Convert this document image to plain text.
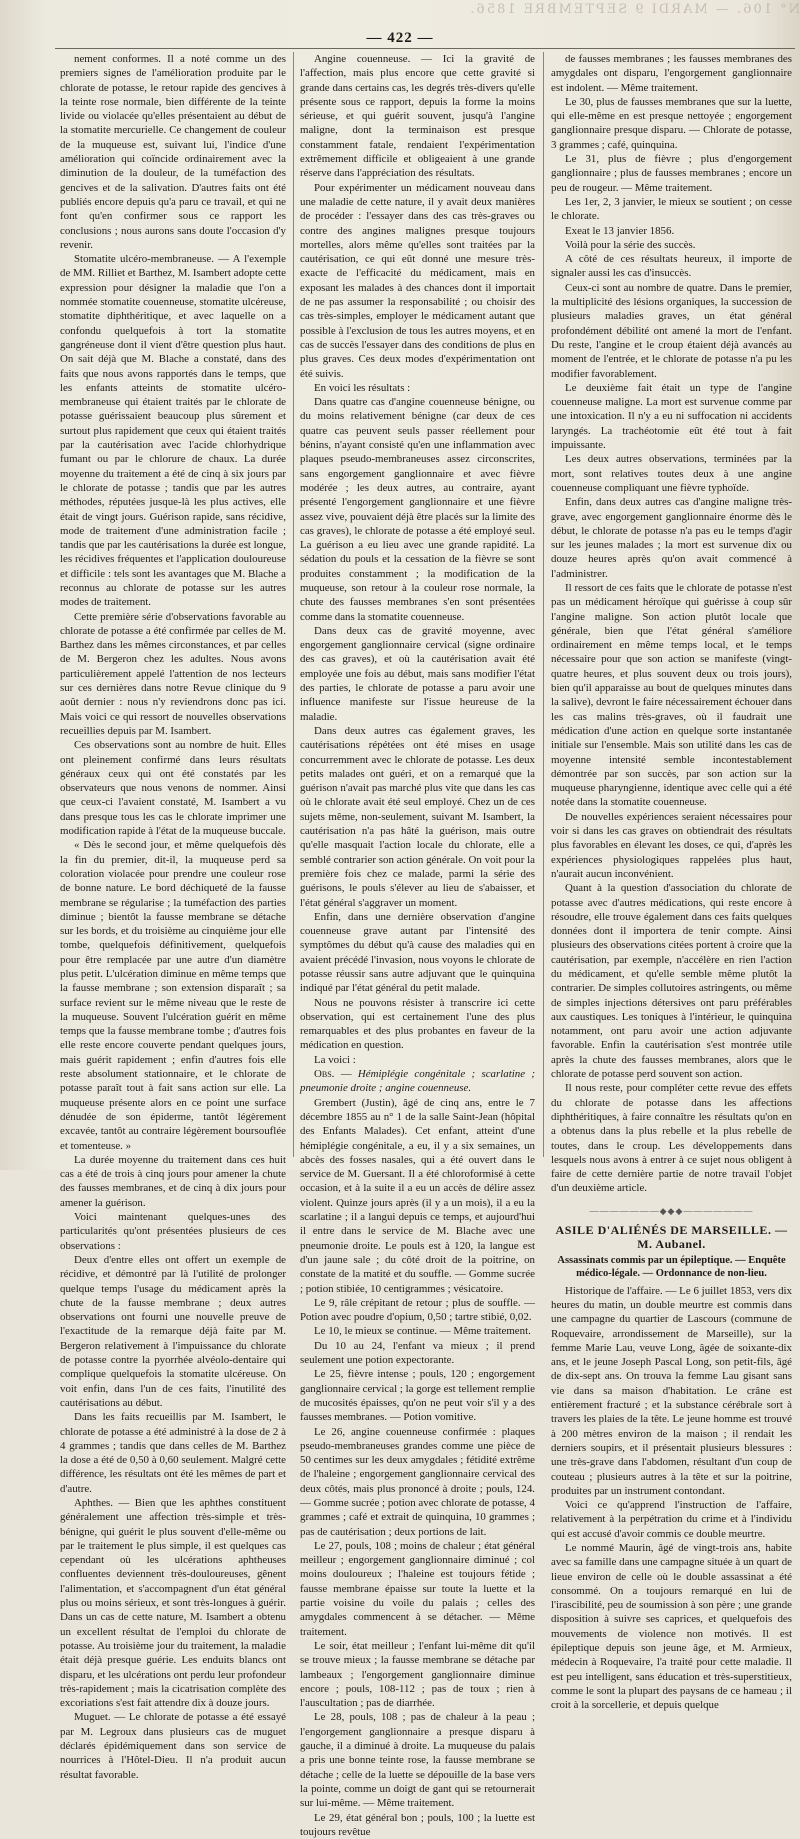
N° 106. — MARDI 9 SEPTEMBRE 1856.
— 422 —

nement conformes. Il a noté comme un des premiers signes de l'amélioration produite par le chlorate de potasse, le retour rapide des gencives à la teinte rose normale, bien différente de la teinte livide ou violacée qu'elles présentaient au début de la stomatite mercurielle. Ce changement de couleur de la muqueuse est, suivant lui, l'indice d'une amélioration qui coïncide ordinairement avec la diminution de la douleur, de la tuméfaction des gencives et de la salivation. D'autres faits ont été publiés encore depuis qu'a paru ce travail, et qui ne font qu'en confirmer sous ce rapport les conclusions ; nous aurons sans doute l'occasion d'y revenir.

Stomatite ulcéro-membraneuse. — A l'exemple de MM. Rilliet et Barthez, M. Isambert adopte cette expression pour désigner la maladie que l'on a nommée stomatite couenneuse, stomatite ulcéreuse, stomatite diphthéritique, et avec laquelle on a confondu quelquefois à tort la stomatite gangréneuse dont il vient d'être question plus haut. On sait déjà que M. Blache a constaté, dans des faits que nous avons rapportés dans le temps, que les enfants atteints de stomatite ulcéro-membraneuse qui étaient traités par le chlorate de potasse guérissaient beaucoup plus sûrement et surtout plus rapidement que ceux qui étaient traités par la cautérisation avec l'acide chlorhydrique fumant ou par le chlorure de chaux. La durée moyenne du traitement a été de cinq à six jours par le chlorate de potasse ; tandis que par les autres méthodes, réputées jusque-là les plus actives, elle était de vingt jours. Guérison rapide, sans récidive, mode de traitement d'une administration facile ; tandis que par les cautérisations la durée est longue, les récidives fréquentes et l'application douloureuse et difficile : tels sont les avantages que M. Blache a reconnus au chlorate de potasse sur les autres modes de traitement.

Cette première série d'observations favorable au chlorate de potasse a été confirmée par celles de M. Barthez dans les mêmes circonstances, et par celles de M. Bergeron chez les adultes. Nous avons particulièrement appelé l'attention de nos lecteurs sur ces dernières dans notre Revue clinique du 9 août dernier : nous n'y reviendrons donc pas ici. Mais voici ce qui ressort de nouvelles observations recueillies depuis par M. Isambert.

Ces observations sont au nombre de huit. Elles ont pleinement confirmé dans leurs résultats généraux ceux qui ont été constatés par les observateurs que nous venons de nommer. Ainsi que ceux-ci l'avaient constaté, M. Isambert a vu dans presque tous les cas le chlorate imprimer une modification rapide à l'état de la muqueuse buccale.

« Dès le second jour, et même quelquefois dès la fin du premier, dit-il, la muqueuse perd sa coloration violacée pour prendre une couleur rose de bonne nature. Le bord déchiqueté de la fausse membrane se régularise ; la tuméfaction des parties diminue ; bientôt la fausse membrane se détache sur les bords, et du troisième au cinquième jour elle tombe, quelquefois définitivement, quelquefois pour être remplacée par une autre d'un diamètre plus petit. L'ulcération diminue en même temps que la fausse membrane ; son extension disparaît ; sa surface revient sur le même niveau que le reste de la muqueuse. Souvent l'ulcération guérit en même temps que la fausse membrane tombe ; d'autres fois elle reste encore couverte pendant quelques jours, mais guérit rapidement ; enfin d'autres fois elle reste absolument stationnaire, et le chlorate de potasse paraît tout à fait sans action sur elle. La muqueuse présente alors en ce point une surface dénudée de son épiderme, tantôt légèrement excavée, tantôt au contraire légèrement boursouflée et tomenteuse. »

La durée moyenne du traitement dans ces huit cas a été de trois à cinq jours pour amener la chute des fausses membranes, et de cinq à dix jours pour amener la guérison.

Voici maintenant quelques-unes des particularités qu'ont présentées plusieurs de ces observations :

Deux d'entre elles ont offert un exemple de récidive, et démontré par là l'utilité de prolonger quelque temps l'usage du médicament après la chute de la fausse membrane ; deux autres observations ont fourni une nouvelle preuve de l'exactitude de la remarque déjà faite par M. Bergeron relativement à l'impuissance du chlorate de potasse contre la pyorrhée alvéolo-dentaire qui complique quelquefois la stomatite ulcéreuse. On voit enfin, dans l'un de ces faits, l'inutilité des cautérisations au début.

Dans les faits recueillis par M. Isambert, le chlorate de potasse a été administré à la dose de 2 à 4 grammes ; tandis que dans celles de M. Barthez la dose a été de 0,50 à 0,60 seulement. Malgré cette différence, les résultats ont été les mêmes de part et d'autre.

Aphthes. — Bien que les aphthes constituent généralement une affection très-simple et très-bénigne, qui guérit le plus souvent d'elle-même ou par le traitement le plus simple, il est quelques cas cependant où les ulcérations aphtheuses confluentes deviennent très-douloureuses, gênent l'alimentation, et s'accompagnent d'un état général plus ou moins sérieux, et sont très-longues à guérir. Dans un cas de cette nature, M. Isambert a obtenu un excellent résultat de l'emploi du chlorate de potasse. Au troisième jour du traitement, la maladie était déjà presque guérie. Les enduits blancs ont disparu, et les ulcérations ont perdu leur profondeur très-rapidement ; mais la cicatrisation complète des excoriations s'est fait attendre dix à douze jours.

Muguet. — Le chlorate de potasse a été essayé par M. Legroux dans plusieurs cas de muguet déclarés épidémiquement dans son service de nourrices à l'Hôtel-Dieu. Il n'a produit aucun résultat favorable.

Angine couenneuse. — Ici la gravité de l'affection, mais plus encore que cette gravité si grande dans certains cas, les degrés très-divers qu'elle présente sous ce rapport, depuis la forme la moins sérieuse, et qui guérit souvent, jusqu'à l'angine maligne, dont la terminaison est presque constamment fatale, rendaient l'expérimentation extrêmement difficile et obligeaient à une grande réserve dans l'appréciation des résultats.

Pour expérimenter un médicament nouveau dans une maladie de cette nature, il y avait deux manières de procéder : l'essayer dans des cas très-graves ou contre des angines malignes presque toujours mortelles, alors même qu'elles sont traitées par la cautérisation, ce qui eût donné une mesure très-exacte de l'efficacité du médicament, mais en exposant les malades à des chances dont il importait de ne pas assumer la responsabilité ; ou choisir des cas très-simples, employer le médicament autant que possible à l'exclusion de tous les autres moyens, et en cas de succès l'essayer dans des conditions de plus en plus graves. Ces deux modes d'expérimentation ont été suivis.

En voici les résultats :

Dans quatre cas d'angine couenneuse bénigne, ou du moins relativement bénigne (car deux de ces quatre cas peuvent seuls passer réellement pour bénins, n'ayant consisté qu'en une inflammation avec plaques pseudo-membraneuses assez circonscrites, sans engorgement ganglionnaire et avec fièvre modérée ; les deux autres, au contraire, ayant présenté l'engorgement ganglionnaire et une fièvre assez vive, pouvaient déjà être placés sur la limite des cas graves), le chlorate de potasse a été employé seul. La guérison a eu lieu avec une grande rapidité. La sédation du pouls et la cessation de la fièvre se sont produites constamment ; la modification de la muqueuse, son retour à la couleur rose normale, la chute des fausses membranes s'en sont présentées comme dans la stomatite couenneuse.

Dans deux cas de gravité moyenne, avec engorgement ganglionnaire cervical (signe ordinaire des cas graves), et où la cautérisation avait été employée une fois au début, mais sans modifier l'état des parties, le chlorate de potasse a paru avoir une influence manifeste sur l'issue heureuse de la maladie.

Dans deux autres cas également graves, les cautérisations répétées ont été mises en usage concurremment avec le chlorate de potasse. Les deux petits malades ont guéri, et on a remarqué que la guérison n'avait pas marché plus vite que dans les cas où le chlorate avait été seul employé. Chez un de ces sujets même, non-seulement, suivant M. Isambert, la cautérisation n'a pas hâté la guérison, mais outre qu'elle masquait l'action locale du chlorate, elle a semblé contrarier son action générale. On voit pour la première fois chez ce malade, parmi la série des guérisons, le pouls s'élever au lieu de s'abaisser, et l'état général s'aggraver un moment.

Enfin, dans une dernière observation d'angine couenneuse grave autant par l'intensité des symptômes du début qu'à cause des maladies qui en avaient précédé l'invasion, nous voyons le chlorate de potasse réussir sans autre adjuvant que le quinquina indiqué par l'état général du petit malade.

Nous ne pouvons résister à transcrire ici cette observation, qui est certainement l'une des plus remarquables et des plus probantes en faveur de la médication en question.

La voici :

Obs. — Hémiplégie congénitale ; scarlatine ; pneumonie droite ; angine couenneuse.

Grembert (Justin), âgé de cinq ans, entre le 7 décembre 1855 au n° 1 de la salle Saint-Jean (hôpital des Enfants Malades). Cet enfant, atteint d'une hémiplégie congénitale, a eu, il y a six semaines, un abcès des fosses nasales, qui a été ouvert dans le service de M. Guersant. Il a été chloroformisé à cette occasion, et à la suite il a eu un accès de délire assez violent. Quinze jours après (il y a un mois), il a eu la scarlatine ; il a langui depuis ce temps, et aujourd'hui il entre dans le service de M. Blache avec une pneumonie droite. Le pouls est à 120, la langue est d'un jaune sale ; du côté droit de la poitrine, on constate de la matité et du souffle. — Gomme sucrée ; potion stibiée, 10 centigrammes ; vésicatoire.

Le 9, râle crépitant de retour ; plus de souffle. — Potion avec poudre d'opium, 0,50 ; tartre stibié, 0,02.

Le 10, le mieux se continue. — Même traitement.

Du 10 au 24, l'enfant va mieux ; il prend seulement une potion expectorante.

Le 25, fièvre intense ; pouls, 120 ; engorgement ganglionnaire cervical ; la gorge est tellement remplie de mucosités épaisses, qu'on ne peut voir s'il y a des fausses membranes. — Potion vomitive.

Le 26, angine couenneuse confirmée : plaques pseudo-membraneuses grandes comme une pièce de 50 centimes sur les deux amygdales ; fétidité extrême de l'haleine ; engorgement ganglionnaire cervical des deux côtés, mais plus prononcé à droite ; pouls, 124. — Gomme sucrée ; potion avec chlorate de potasse, 4 grammes ; café et extrait de quinquina, 10 grammes ; pas de cautérisation ; deux portions de lait.

Le 27, pouls, 108 ; moins de chaleur ; état général meilleur ; engorgement ganglionnaire diminué ; col moins douloureux ; l'haleine est toujours fétide ; fausse membrane épaisse sur toute la luette et la partie voisine du voile du palais ; celles des amygdales commencent à se détacher. — Même traitement.

Le soir, état meilleur ; l'enfant lui-même dit qu'il se trouve mieux ; la fausse membrane se détache par lambeaux ; l'engorgement ganglionnaire diminue encore ; pouls, 108-112 ; pas de toux ; rien à l'auscultation ; pas de diarrhée.

Le 28, pouls, 108 ; pas de chaleur à la peau ; l'engorgement ganglionnaire a presque disparu à gauche, il a diminué à droite. La muqueuse du palais a pris une bonne teinte rose, la fausse membrane se détache ; celle de la luette se dépouille de la base vers la pointe, comme un doigt de gant qui se retournerait sur lui-même. — Même traitement.

Le 29, état général bon ; pouls, 100 ; la luette est toujours revêtue

de fausses membranes ; les fausses membranes des amygdales ont disparu, l'engorgement ganglionnaire est indolent. — Même traitement.

Le 30, plus de fausses membranes que sur la luette, qui elle-même en est presque nettoyée ; engorgement ganglionnaire presque disparu. — Chlorate de potasse, 3 grammes ; café, quinquina.

Le 31, plus de fièvre ; plus d'engorgement ganglionnaire ; plus de fausses membranes ; encore un peu de rougeur. — Même traitement.

Les 1er, 2, 3 janvier, le mieux se soutient ; on cesse le chlorate.

Exeat le 13 janvier 1856.

Voilà pour la série des succès.

A côté de ces résultats heureux, il importe de signaler aussi les cas d'insuccès.

Ceux-ci sont au nombre de quatre. Dans le premier, la multiplicité des lésions organiques, la succession de plusieurs maladies graves, un état général profondément débilité ont amené la mort de l'enfant. Du reste, l'angine et le croup étaient déjà avancés au moment de l'entrée, et le chlorate de potasse n'a pu les modifier favorablement.

Le deuxième fait était un type de l'angine couenneuse maligne. La mort est survenue comme par une intoxication. Il n'y a eu ni suffocation ni accidents laryngés. La trachéotomie eût été tout à fait impuissante.

Les deux autres observations, terminées par la mort, sont relatives toutes deux à une angine couenneuse compliquant une fièvre typhoïde.

Enfin, dans deux autres cas d'angine maligne très-grave, avec engorgement ganglionnaire énorme dès le début, le chlorate de potasse n'a pas eu le temps d'agir sur les jeunes malades ; la mort est survenue dix ou douze heures après qu'on avait commencé à l'administrer.

Il ressort de ces faits que le chlorate de potasse n'est pas un médicament héroïque qui guérisse à coup sûr l'angine maligne. Son action plutôt locale que générale, bien que l'état général s'améliore ordinairement en même temps local, et le temps nécessaire pour que son action se manifeste (vingt-quatre heures, et plus souvent deux ou trois jours), bien qu'il apparaisse au bout de quelques minutes dans la salive), devront le faire nécessairement échouer dans les cas malins très-graves, où il faudrait une médication d'une action en quelque sorte instantanée initiale sur l'ensemble. Mais son utilité dans les cas de moyenne intensité semble incontestablement démontrée par son succès, par son action sur la muqueuse pharyngienne, identique avec celle qui a été notée dans la stomatite couenneuse.

De nouvelles expériences seraient nécessaires pour voir si dans les cas graves on obtiendrait des résultats plus favorables en élevant les doses, ce qui, d'après les expériences physiologiques rappelées plus haut, n'aurait aucun inconvénient.

Quant à la question d'association du chlorate de potasse avec d'autres médications, qui reste encore à résoudre, elle trouve également dans ces faits quelques données dont il importera de tenir compte. Ainsi plusieurs des observations citées portent à croire que la cautérisation, par exemple, n'accélère en rien l'action du médicament, et qu'elle semble même plutôt la contrarier. De simples collutoires astringents, ou même de simples injections détersives ont paru préférables aux caustiques. Les toniques à l'intérieur, le quinquina notamment, ont paru avoir une action adjuvante favorable. Enfin la cautérisation s'est montrée utile après la chute des fausses membranes, alors que le chlorate de potasse perd souvent son action.

Il nous reste, pour compléter cette revue des effets du chlorate de potasse dans les affections diphthéritiques, à faire connaître les résultats qu'on en a obtenus dans la plus rebelle et la plus rebelle de toutes, dans le croup. Les développements dans lesquels nous avons à entrer à ce sujet nous obligent à faire de cette dernière partie de notre travail l'objet d'un deuxième article.

———————◆◆◆———————
ASILE D'ALIÉNÉS DE MARSEILLE. — M. Aubanel.
Assassinats commis par un épileptique. — Enquête médico-légale. — Ordonnance de non-lieu.

Historique de l'affaire. — Le 6 juillet 1853, vers dix heures du matin, un double meurtre est commis dans une campagne du quartier de Lascours (commune de Roquevaire, arrondissement de Marseille), sur la femme Marie Lau, veuve Long, âgée de soixante-dix ans, et le jeune Joseph Pascal Long, son petit-fils, âgé de dix-sept ans. On trouva la femme Lau gisant sans vie dans sa maison d'habitation. Le crâne est entièrement fracturé ; et la substance cérébrale sort à travers les plaies de la tête. Le jeune homme est trouvé à 200 mètres environ de la maison ; il rendait les derniers soupirs, et il présentait plusieurs blessures : une très-grave dans l'abdomen, résultant d'un coup de couteau ; plusieurs autres à la tête et sur la poitrine, produites par un instrument contondant.

Voici ce qu'apprend l'instruction de l'affaire, relativement à la perpétration du crime et à l'individu qui est accusé d'avoir commis ce double meurtre.

Le nommé Maurin, âgé de vingt-trois ans, habite avec sa famille dans une campagne située à un quart de lieue environ de celle où le double assassinat a été consommé. On a toujours remarqué en lui de l'irascibilité, peu de soumission à son père ; une grande disposition à suivre ses caprices, et quelquefois des mouvements de violence non motivés. Il est épileptique depuis son jeune âge, et M. Armieux, médecin à Roquevaire, l'a traité pour cette maladie. Il est peu intelligent, sans éducation et très-superstitieux, comme le sont la plupart des paysans de ce hameau ; il croit à la sorcellerie, et depuis quelque
